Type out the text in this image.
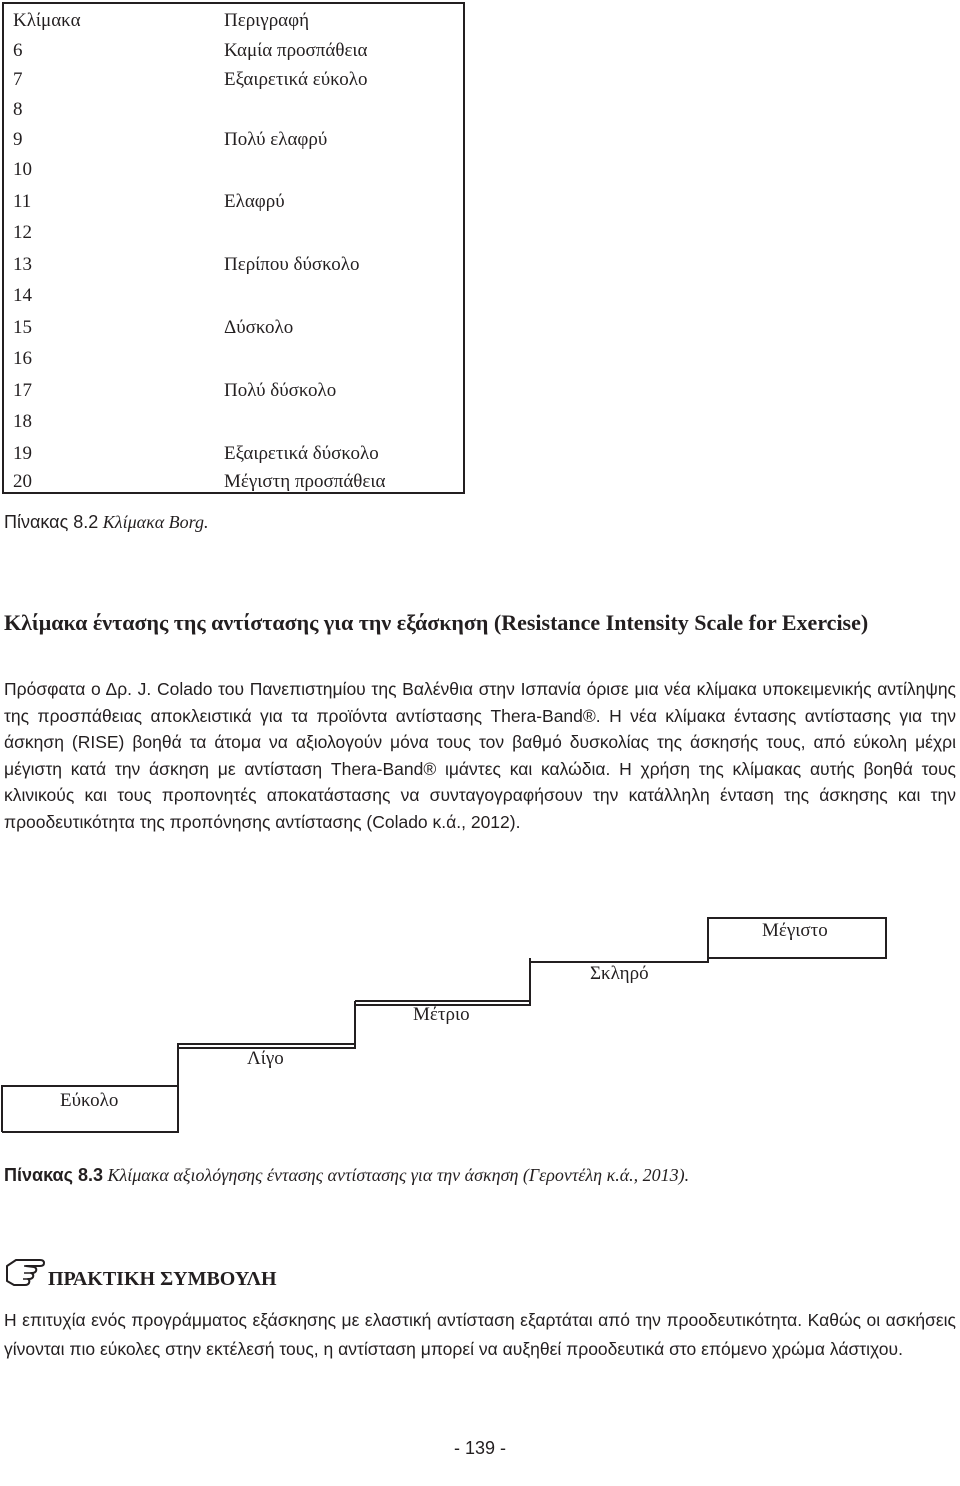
Κλίμακα	Περιγραφή
6	Καμία προσπάθεια
7	Εξαιρετικά εύκολο
8
9	Πολύ ελαφρύ
10
11	Ελαφρύ
12
13	Περίπου δύσκολο
14
15	Δύσκολο
16
17	Πολύ δύσκολο
18
19	Εξαιρετικά δύσκολο
20	Μέγιστη προσπάθεια
Πίνακας 8.2 Κλίμακα Borg.
Κλίμακα έντασης της αντίστασης για την εξάσκηση (Resistance Intensity Scale for Exercise)
Πρόσφατα ο Δρ. J. Colado του Πανεπιστημίου της Βαλένθια στην Ισπανία όρισε μια νέα κλίμακα υποκειμενικής αντίληψης της προσπάθειας αποκλειστικά για τα προϊόντα αντίστασης Thera-Band®. Η νέα κλίμακα έντασης αντίστασης για την άσκηση (RISE) βοηθά τα άτομα να αξιολογούν μόνα τους τον βαθμό δυσκολίας της άσκησής τους, από εύκολη μέχρι μέγιστη κατά την άσκηση με αντίσταση Thera-Band® ιμάντες και καλώδια. Η χρήση της κλίμακας αυτής βοηθά τους κλινικούς και τους προπονητές αποκατάστασης να συνταγογραφήσουν την κατάλληλη ένταση της άσκησης και την προοδευτικότητα της προπόνησης αντίστασης (Colado κ.ά., 2012).
Εύκολο
Λίγο
Μέτριο
Σκληρό
Μέγιστο
Πίνακας 8.3 Κλίμακα αξιολόγησης έντασης αντίστασης για την άσκηση (Γεροντέλη κ.ά., 2013).
ΠΡΑΚΤΙΚΗ ΣΥΜΒΟΥΛΗ
Η επιτυχία ενός προγράμματος εξάσκησης με ελαστική αντίσταση εξαρτάται από την προοδευτικότητα. Καθώς οι ασκήσεις γίνονται πιο εύκολες στην εκτέλεσή τους, η αντίσταση μπορεί να αυξηθεί προοδευτικά στο επόμενο χρώμα λάστιχου.
- 139 -
